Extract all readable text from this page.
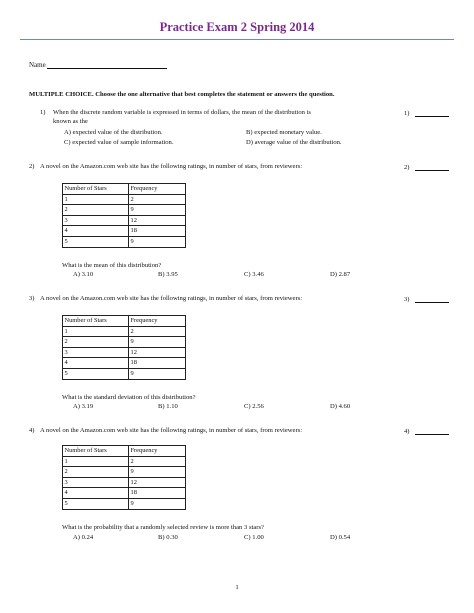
Practice Exam 2 Spring 2014
Name
MULTIPLE CHOICE. Choose the one alternative that best completes the statement or answers the question.
1) When the discrete random variable is expressed in terms of dollars, the mean of the distribution is
known as the
1)
A) expected value of the distribution.	B) expected monetary value.
C) expected value of sample information.	D) average value of the distribution.
2) A novel on the Amazon.com web site has the following ratings, in number of stars, from reviewers:	2)
Number of Stars	Frequency
1	2
2	9
3	12
4	18
5	9
What is the mean of this distribution?
A) 3.10	B) 3.95	C) 3.46	D) 2.87
3) A novel on the Amazon.com web site has the following ratings, in number of stars, from reviewers:	3)
Number of Stars	Frequency
1	2
2	9
3	12
4	18
5	9
What is the standard deviation of this distribution?
A) 3.19	B) 1.10	C) 2.56	D) 4.60
4) A novel on the Amazon.com web site has the following ratings, in number of stars, from reviewers:	4)
Number of Stars	Frequency
1	2
2	9
3	12
4	18
5	9
What is the probability that a randomly selected review is more than 3 stars?
A) 0.24	B) 0.30	C) 1.00	D) 0.54
1
